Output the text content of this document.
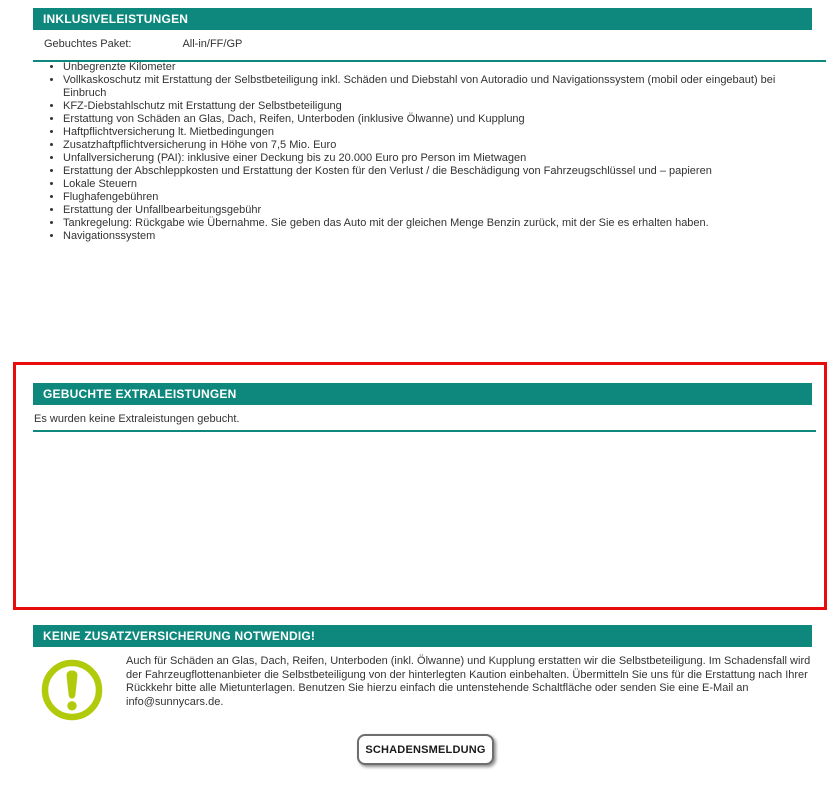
INKLUSIVELEISTUNGEN
Gebuchtes Paket:	All-in/FF/GP
• Unbegrenzte Kilometer
• Vollkaskoschutz mit Erstattung der Selbstbeteiligung inkl. Schäden und Diebstahl von Autoradio und Navigationssystem (mobil oder eingebaut) bei Einbruch
• KFZ-Diebstahlschutz mit Erstattung der Selbstbeteiligung
• Erstattung von Schäden an Glas, Dach, Reifen, Unterboden (inklusive Ölwanne) und Kupplung
• Haftpflichtversicherung lt. Mietbedingungen
• Zusatzhaftpflichtversicherung in Höhe von 7,5 Mio. Euro
• Unfallversicherung (PAI): inklusive einer Deckung bis zu 20.000 Euro pro Person im Mietwagen
• Erstattung der Abschleppkosten und Erstattung der Kosten für den Verlust / die Beschädigung von Fahrzeugschlüssel und – papieren
• Lokale Steuern
• Flughafengebühren
• Erstattung der Unfallbearbeitungsgebühr
• Tankregelung: Rückgabe wie Übernahme. Sie geben das Auto mit der gleichen Menge Benzin zurück, mit der Sie es erhalten haben.
• Navigationssystem
GEBUCHTE EXTRALEISTUNGEN
Es wurden keine Extraleistungen gebucht.
KEINE ZUSATZVERSICHERUNG NOTWENDIG!
Auch für Schäden an Glas, Dach, Reifen, Unterboden (inkl. Ölwanne) und Kupplung erstatten wir die Selbstbeteiligung. Im Schadensfall wird der Fahrzeugflottenanbieter die Selbstbeteiligung von der hinterlegten Kaution einbehalten. Übermitteln Sie uns für die Erstattung nach Ihrer Rückkehr bitte alle Mietunterlagen. Benutzen Sie hierzu einfach die untenstehende Schaltfläche oder senden Sie eine E-Mail an info@sunnycars.de.
SCHADENSMELDUNG
